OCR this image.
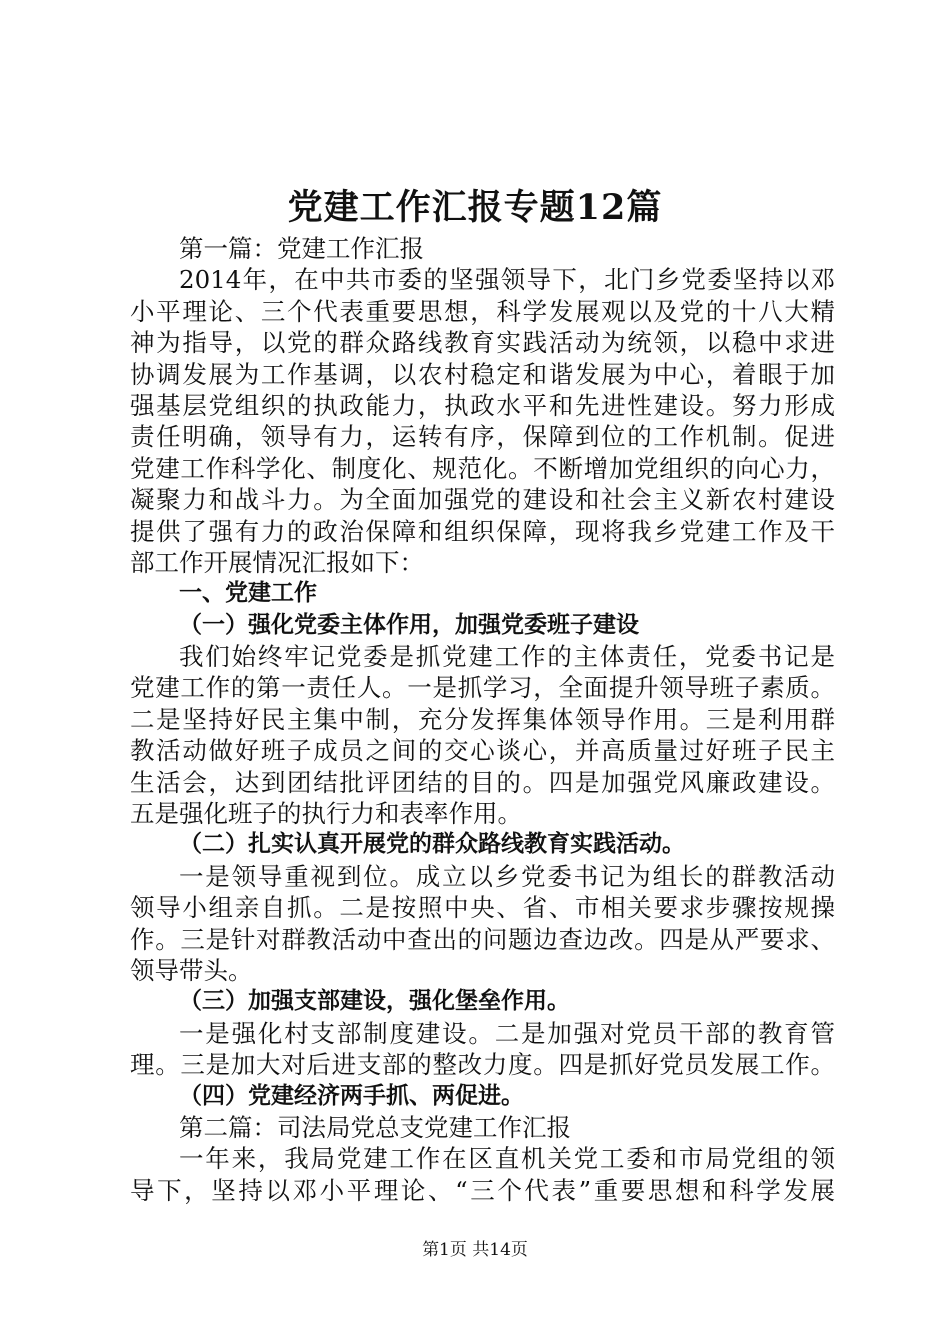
党建工作汇报专题12篇
第一篇：党建工作汇报
2014年，在中共市委的坚强领导下，北门乡党委坚持以邓
小平理论、三个代表重要思想，科学发展观以及党的十八大精
神为指导，以党的群众路线教育实践活动为统领，以稳中求进
协调发展为工作基调，以农村稳定和谐发展为中心，着眼于加
强基层党组织的执政能力，执政水平和先进性建设。努力形成
责任明确，领导有力，运转有序，保障到位的工作机制。促进
党建工作科学化、制度化、规范化。不断增加党组织的向心力，
凝聚力和战斗力。为全面加强党的建设和社会主义新农村建设
提供了强有力的政治保障和组织保障，现将我乡党建工作及干
部工作开展情况汇报如下：
一、党建工作
（一）强化党委主体作用，加强党委班子建设
我们始终牢记党委是抓党建工作的主体责任，党委书记是
党建工作的第一责任人。一是抓学习，全面提升领导班子素质。
二是坚持好民主集中制，充分发挥集体领导作用。三是利用群
教活动做好班子成员之间的交心谈心，并高质量过好班子民主
生活会，达到团结批评团结的目的。四是加强党风廉政建设。
五是强化班子的执行力和表率作用。
（二）扎实认真开展党的群众路线教育实践活动。
一是领导重视到位。成立以乡党委书记为组长的群教活动
领导小组亲自抓。二是按照中央、省、市相关要求步骤按规操
作。三是针对群教活动中查出的问题边查边改。四是从严要求、
领导带头。
（三）加强支部建设，强化堡垒作用。
一是强化村支部制度建设。二是加强对党员干部的教育管
理。三是加大对后进支部的整改力度。四是抓好党员发展工作。
（四）党建经济两手抓、两促进。
第二篇：司法局党总支党建工作汇报
一年来，我局党建工作在区直机关党工委和市局党组的领
导下，坚持以邓小平理论、“三个代表”重要思想和科学发展
第1页 共14页
